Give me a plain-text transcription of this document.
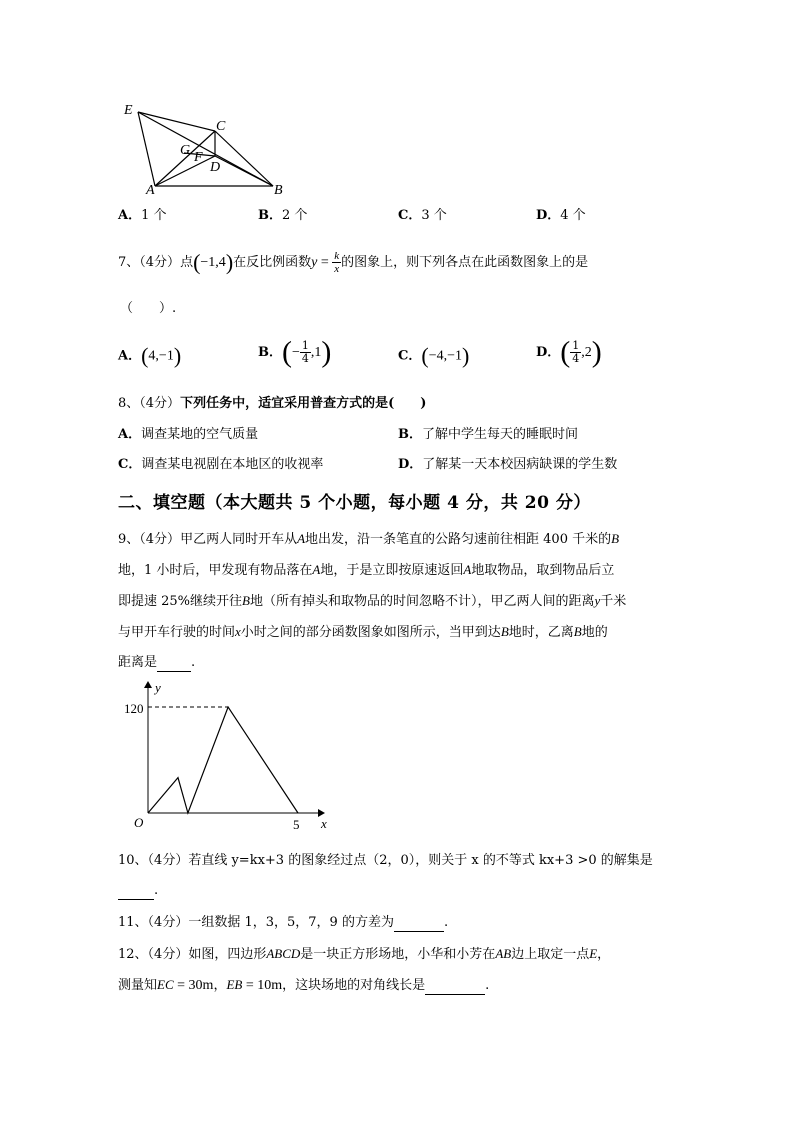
E
C
G F
D
A	B
A．1 个	B．2 个	C．3 个	D．4 个
7、（4分）点(−1,4)在反比例函数$y = \frac{k}{x}$ 的图象上，则下列各点在此函数图象上的是
（　　）.
A．(4,−1)	B．(− $\frac{1}{4} ,1$)	C．(−4,−1)	D．( $\frac{1}{4} ,2$)
8、（4分）下列任务中，适宜采用普查方式的是(　　)
A．调查某地的空气质量	B．了解中学生每天的睡眠时间
C．调查某电视剧在本地区的收视率	D．了解某一天本校因病缺课的学生数
二、填空题（本大题共 5 个小题，每小题 4 分，共 20 分）
9、（4分）甲乙两人同时开车从A地出发，沿一条笔直的公路匀速前往相距 400 千米的B
地，1 小时后，甲发现有物品落在A地，于是立即按原速返回A地取物品，取到物品后立
即提速 25%继续开往B地（所有掉头和取物品的时间忽略不计），甲乙两人间的距离y千米
与甲开车行驶的时间x小时之间的部分函数图象如图所示，当甲到达B地时，乙离B地的
距离是	.
y
x
O
120
5
10、（4分）若直线 y=kx+3 的图象经过点（2，0），则关于 x 的不等式 kx+3 >0 的解集是
.
11、（4分）一组数据 1，3，5，7，9 的方差为	.
12、（4分）如图，四边形ABCD是一块正方形场地，小华和小芳在AB边上取定一点E，
测量知EC = 30m，EB = 10m，这块场地的对角线长是	.
